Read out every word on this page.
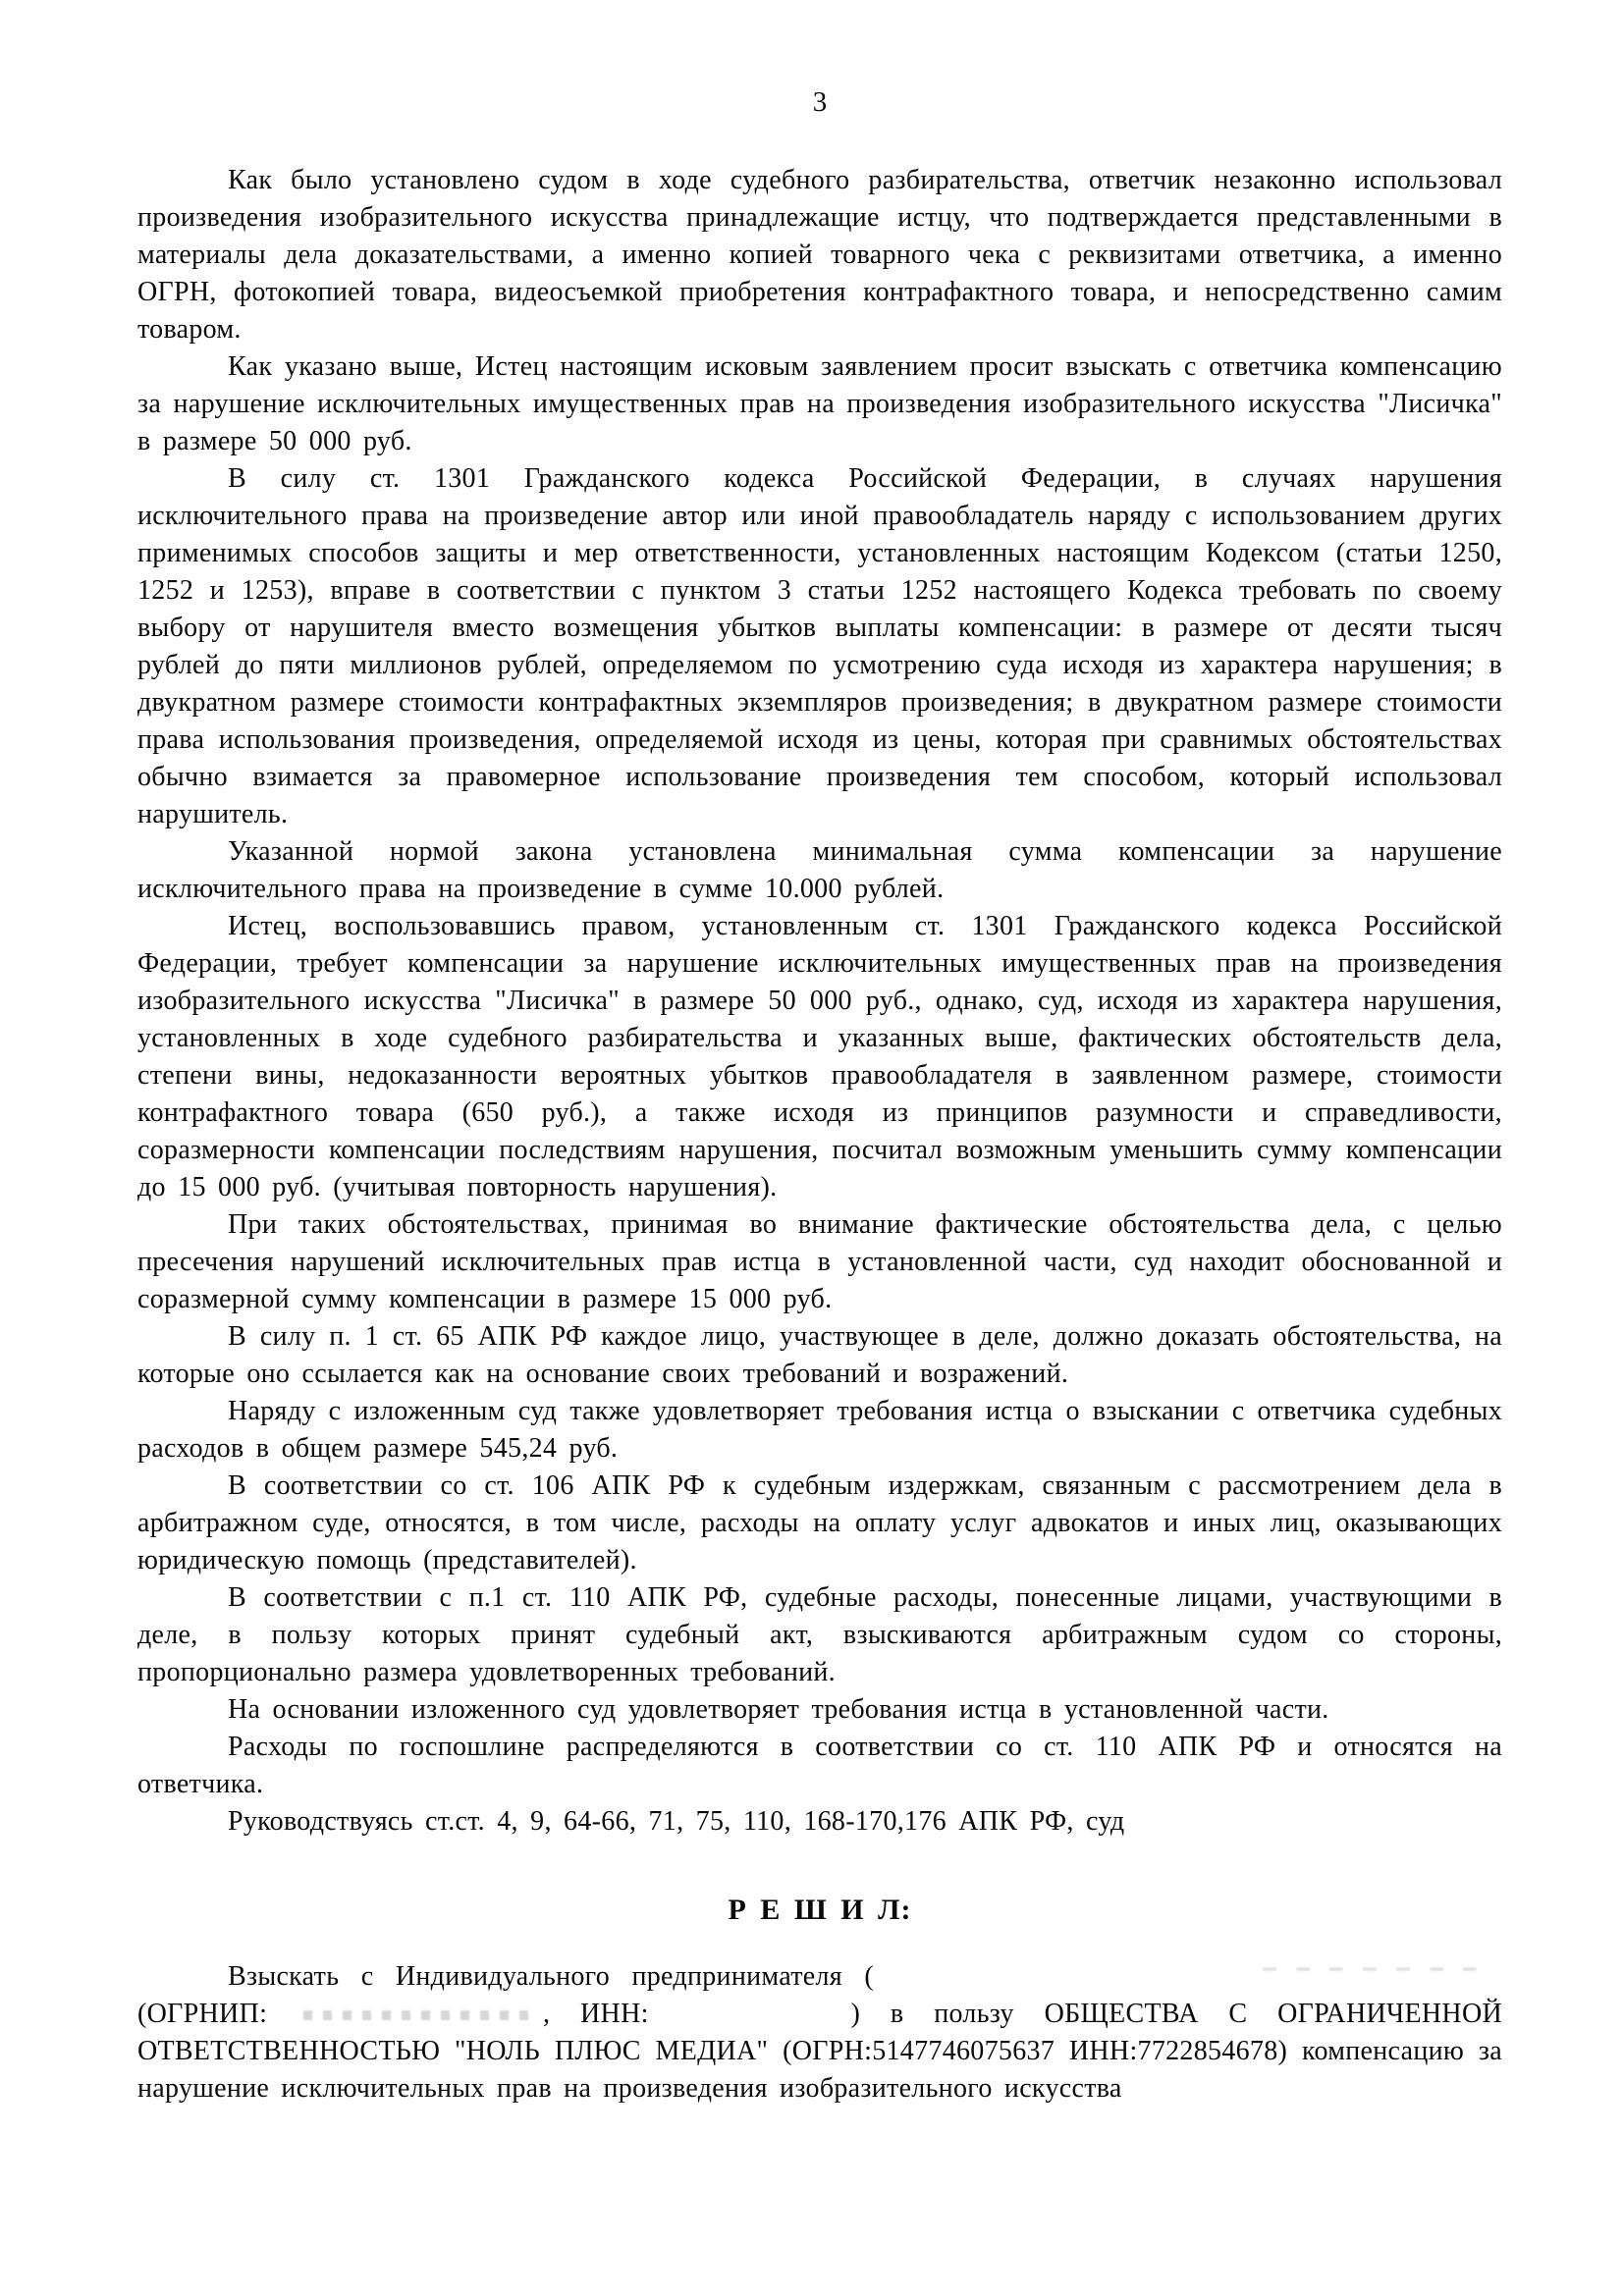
3

Как было установлено судом в ходе судебного разбирательства, ответчик незаконно использовал произведения изобразительного искусства принадлежащие истцу, что подтверждается представленными в материалы дела доказательствами, а именно копией товарного чека с реквизитами ответчика, а именно ОГРН, фотокопией товара, видеосъемкой приобретения контрафактного товара, и непосредственно самим товаром.

Как указано выше, Истец настоящим исковым заявлением просит взыскать с ответчика компенсацию за нарушение исключительных имущественных прав на произведения изобразительного искусства "Лисичка" в размере 50 000 руб.

В силу ст. 1301 Гражданского кодекса Российской Федерации, в случаях нарушения исключительного права на произведение автор или иной правообладатель наряду с использованием других применимых способов защиты и мер ответственности, установленных настоящим Кодексом (статьи 1250, 1252 и 1253), вправе в соответствии с пунктом 3 статьи 1252 настоящего Кодекса требовать по своему выбору от нарушителя вместо возмещения убытков выплаты компенсации: в размере от десяти тысяч рублей до пяти миллионов рублей, определяемом по усмотрению суда исходя из характера нарушения; в двукратном размере стоимости контрафактных экземпляров произведения; в двукратном размере стоимости права использования произведения, определяемой исходя из цены, которая при сравнимых обстоятельствах обычно взимается за правомерное использование произведения тем способом, который использовал нарушитель.

Указанной нормой закона установлена минимальная сумма компенсации за нарушение исключительного права на произведение в сумме 10.000 рублей.

Истец, воспользовавшись правом, установленным ст. 1301 Гражданского кодекса Российской Федерации, требует компенсации за нарушение исключительных имущественных прав на произведения изобразительного искусства "Лисичка" в размере 50 000 руб., однако, суд, исходя из характера нарушения, установленных в ходе судебного разбирательства и указанных выше, фактических обстоятельств дела, степени вины, недоказанности вероятных убытков правообладателя в заявленном размере, стоимости контрафактного товара (650 руб.), а также исходя из принципов разумности и справедливости, соразмерности компенсации последствиям нарушения, посчитал возможным уменьшить сумму компенсации до 15 000 руб. (учитывая повторность нарушения).

При таких обстоятельствах, принимая во внимание фактические обстоятельства дела, с целью пресечения нарушений исключительных прав истца в установленной части, суд находит обоснованной и соразмерной сумму компенсации в размере 15 000 руб.

В силу п. 1 ст. 65 АПК РФ каждое лицо, участвующее в деле, должно доказать обстоятельства, на которые оно ссылается как на основание своих требований и возражений.

Наряду с изложенным суд также удовлетворяет требования истца о взыскании с ответчика судебных расходов в общем размере 545,24 руб.

В соответствии со ст. 106 АПК РФ к судебным издержкам, связанным с рассмотрением дела в арбитражном суде, относятся, в том числе, расходы на оплату услуг адвокатов и иных лиц, оказывающих юридическую помощь (представителей).

В соответствии с п.1 ст. 110 АПК РФ, судебные расходы, понесенные лицами, участвующими в деле, в пользу которых принят судебный акт, взыскиваются арбитражным судом со стороны, пропорционально размера удовлетворенных требований.

На основании изложенного суд удовлетворяет требования истца в установленной части.

Расходы по госпошлине распределяются в соответствии со ст. 110 АПК РФ и относятся на ответчика.

Руководствуясь ст.ст. 4, 9, 64-66, 71, 75, 110, 168-170,176 АПК РФ, суд

Р Е Ш И Л:

Взыскать с Индивидуального предпринимателя ( (ОГРНИП:	, ИНН:	) в пользу ОБЩЕСТВА С ОГРАНИЧЕННОЙ ОТВЕТСТВЕННОСТЬЮ "НОЛЬ ПЛЮС МЕДИА" (ОГРН:5147746075637 ИНН:7722854678) компенсацию за нарушение исключительных прав на произведения изобразительного искусства
